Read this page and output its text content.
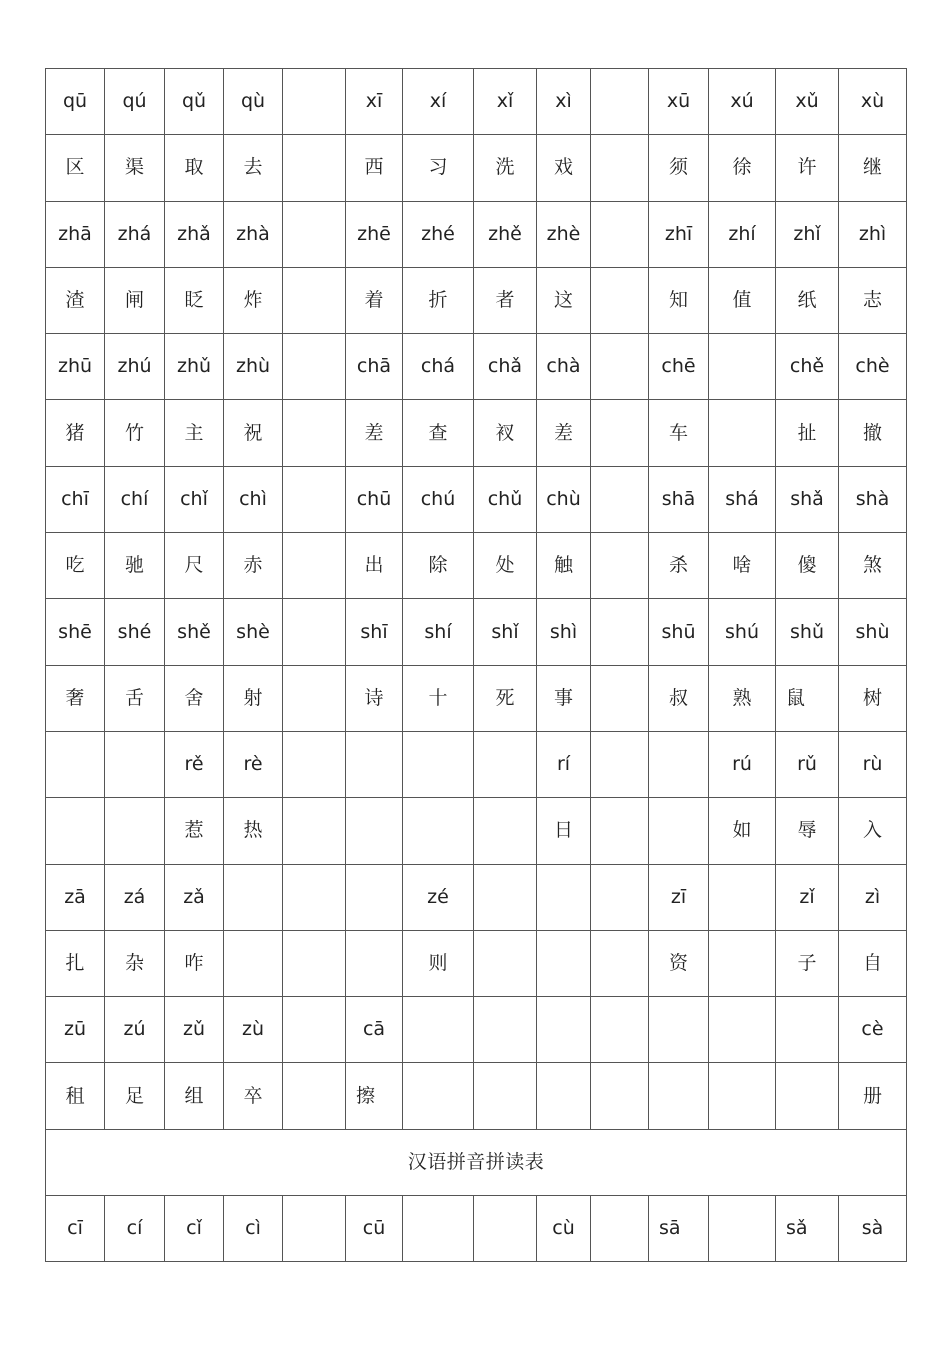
qū	qú	qǔ	qù		xī	xí	xǐ	xì		xū	xú	xǔ	xù
区	渠	取	去		西	习	洗	戏		须	徐	许	继
zhā	zhá	zhǎ	zhà		zhē	zhé	zhě	zhè		zhī	zhí	zhǐ	zhì
渣	闸	眨	炸		着	折	者	这		知	值	纸	志
zhū	zhú	zhǔ	zhù		chā	chá	chǎ	chà		chē		chě	chè
猪	竹	主	祝		差	查	衩	差		车		扯	撤
chī	chí	chǐ	chì		chū	chú	chǔ	chù		shā	shá	shǎ	shà
吃	驰	尺	赤		出	除	处	触		杀	啥	傻	煞
shē	shé	shě	shè		shī	shí	shǐ	shì		shū	shú	shǔ	shù
奢	舌	舍	射		诗	十	死	事		叔	熟	鼠	树
		rě	rè					rí			rú	rǔ	rù
		惹	热					日			如	辱	入
zā	zá	zǎ				zé				zī		zǐ	zì
扎	杂	咋				则				资		子	自
zū	zú	zǔ	zù		cā								cè
租	足	组	卒		擦								册
汉语拼音拼读表													
cī	cí	cǐ	cì		cū			cù		sā		sǎ	sà
